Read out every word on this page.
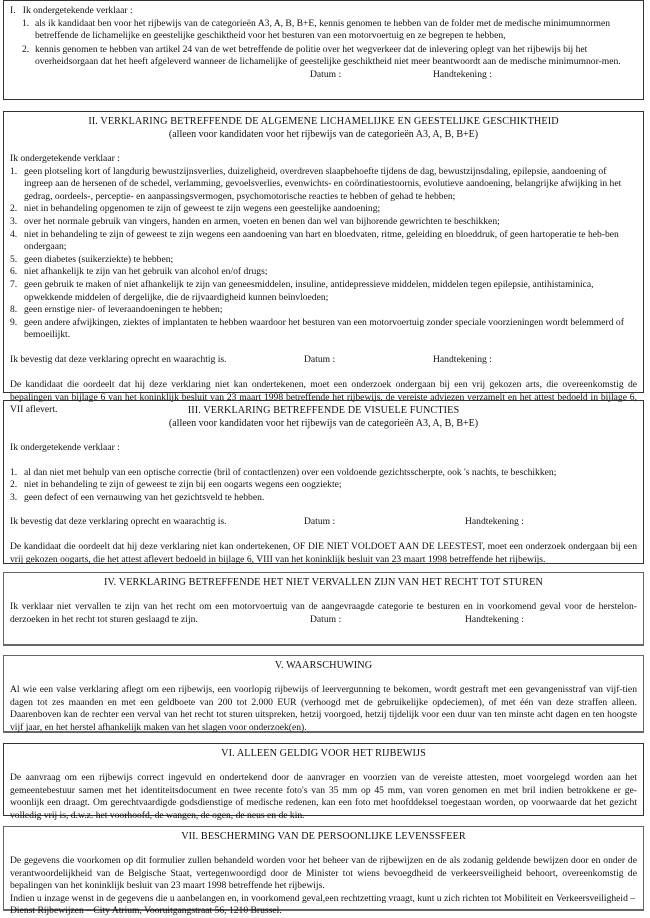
I. Ik ondergetekende verklaar :

1. als ik kandidaat ben voor het rijbewijs van de categorieën A3, A, B, B+E, kennis genomen te hebben van de folder met de medische minimumnormen betreffende de lichamelijke en geestelijke geschiktheid voor het besturen van een motorvoertuig en ze begrepen te hebben,
2. kennis genomen te hebben van artikel 24 van de wet betreffende de politie over het wegverkeer dat de inlevering oplegt van het rijbewijs bij het overheidsorgaan dat het heeft afgeleverd wanneer de lichamelijke of geestelijke geschiktheid niet meer beantwoordt aan de medische minimumnor-men.
Datum :	Handtekening :
II. VERKLARING BETREFFENDE DE ALGEMENE LICHAMELIJKE EN GEESTELIJKE GESCHIKTHEID
(alleen voor kandidaten voor het rijbewijs van de categorieën A3, A, B, B+E)

Ik ondergetekende verklaar :

1. geen plotseling kort of langdurig bewustzijnsverlies, duizeligheid, overdreven slaapbehoefte tijdens de dag, bewustzijnsdaling, epilepsie, aandoening of ingreep aan de hersenen of de schedel, verlamming, gevoelsverlies, evenwichts- en coördinatiestoornis, evolutieve aandoening, belangrijke afwijking in het gedrag, oordeels-, perceptie- en aanpassingsvermogen, psychomotorische reacties te hebben of gehad te hebben;
2. niet in behandeling opgenomen te zijn of geweest te zijn wegens een geestelijke aandoening;
3. over het normale gebruik van vingers, handen en armen, voeten en benen dan wel van bijhorende gewrichten te beschikken;
4. niet in behandeling te zijn of geweest te zijn wegens een aandoening van hart en bloedvaten, ritme, geleiding en bloeddruk, of geen hartoperatie te heb-ben ondergaan;
5. geen diabetes (suikerziekte) te hebben;
6. niet afhankelijk te zijn van het gebruik van alcohol en/of drugs;
7. geen gebruik te maken of niet afhankelijk te zijn van geneesmiddelen, insuline, antidepressieve middelen, middelen tegen epilepsie, antihistaminica, opwekkende middelen of dergelijke, die de rijvaardigheid kunnen beïnvloeden;
8. geen ernstige nier- of leveraandoeningen te hebben;
9. geen andere afwijkingen, ziektes of implantaten te hebben waardoor het besturen van een motorvoertuig zonder speciale voorzieningen wordt belemmerd of bemoeilijkt.
Ik bevestig dat deze verklaring oprecht en waarachtig is.	Datum :	Handtekening :

De kandidaat die oordeelt dat hij deze verklaring niet kan ondertekenen, moet een onderzoek ondergaan bij een vrij gekozen arts, die overeenkomstig de bepalingen van bijlage 6 van het koninklijk besluit van 23 maart 1998 betreffende het rijbewijs, de vereiste adviezen verzamelt en het attest bedoeld in bijlage 6, VII aflevert.	III. VERKLARING BETREFFENDE DE VISUELE FUNCTIES
(alleen voor kandidaten voor het rijbewijs van de categorieën A3, A, B, B+E)

Ik ondergetekende verklaar :

1. al dan niet met behulp van een optische correctie (bril of contactlenzen) over een voldoende gezichtsscherpte, ook 's nachts, te beschikken;
2. niet in behandeling te zijn of geweest te zijn bij een oogarts wegens een oogziekte;
3. geen defect of een vernauwing van het gezichtsveld te hebben.
Ik bevestig dat deze verklaring oprecht en waarachtig is.	Datum :	Handtekening :

De kandidaat die oordeelt dat hij deze verklaring niet kan ondertekenen, OF DIE NIET VOLDOET AAN DE LEESTEST, moet een onderzoek ondergaan bij een vrij gekozen oogarts, die het attest aflevert bedoeld in bijlage 6, VIII van het koninklijk besluit van 23 maart 1998 betreffende het rijbewijs.

IV. VERKLARING BETREFFENDE HET NIET VERVALLEN ZIJN VAN HET RECHT TOT STUREN

Ik verklaar niet vervallen te zijn van het recht om een motorvoertuig van de aangevraagde categorie te besturen en in voorkomend geval voor de herstelon-derzoeken in het recht tot sturen geslaagd te zijn.	Datum :	Handtekening :
V. WAARSCHUWING

Al wie een valse verklaring aflegt om een rijbewijs, een voorlopig rijbewijs of leervergunning te bekomen, wordt gestraft met een gevangenisstraf van vijf-tien dagen tot zes maanden en met een geldboete van 200 tot 2.000 EUR (verhoogd met de gebruikelijke opdeciemen), of met één van deze straffen alleen. Daarenboven kan de rechter een verval van het recht tot sturen uitspreken, hetzij voorgoed, hetzij tijdelijk voor een duur van ten minste acht dagen en ten hoogste vijf jaar, en het herstel afhankelijk maken van het slagen voor onderzoek(en).

VI. ALLEEN GELDIG VOOR HET RIJBEWIJS

De aanvraag om een rijbewijs correct ingevuld en ondertekend door de aanvrager en voorzien van de vereiste attesten, moet voorgelegd worden aan het gemeentebestuur samen met het identiteitsdocument en twee recente foto's van 35 mm op 45 mm, van voren genomen en met bril indien betrokkene er ge-woonlijk een draagt. Om gerechtvaardigde godsdienstige of medische redenen, kan een foto met hoofddeksel toegestaan worden, op voorwaarde dat het gezicht volledig vrij is, d.w.z. het voorhoofd, de wangen, de ogen, de neus en de kin.

VII. BESCHERMING VAN DE PERSOONLIJKE LEVENSSFEER

De gegevens die voorkomen op dit formulier zullen behandeld worden voor het beheer van de rijbewijzen en de als zodanig geldende bewijzen door en onder de verantwoordelijkheid van de Belgische Staat, vertegenwoordigd door de Minister tot wiens bevoegdheid de verkeersveiligheid behoort, overeenkomstig de bepalingen van het koninklijk besluit van 23 maart 1998 betreffende het rijbewijs.

Indien u inzage wenst in de gegevens die u aanbelangen en, in voorkomend geval,een rechtzetting vraagt, kunt u zich richten tot Mobiliteit en Verkeersveiligheid – Dienst Rijbewijzen – City Atrium, Vooruitgangstraat 56, 1210 Brussel.
